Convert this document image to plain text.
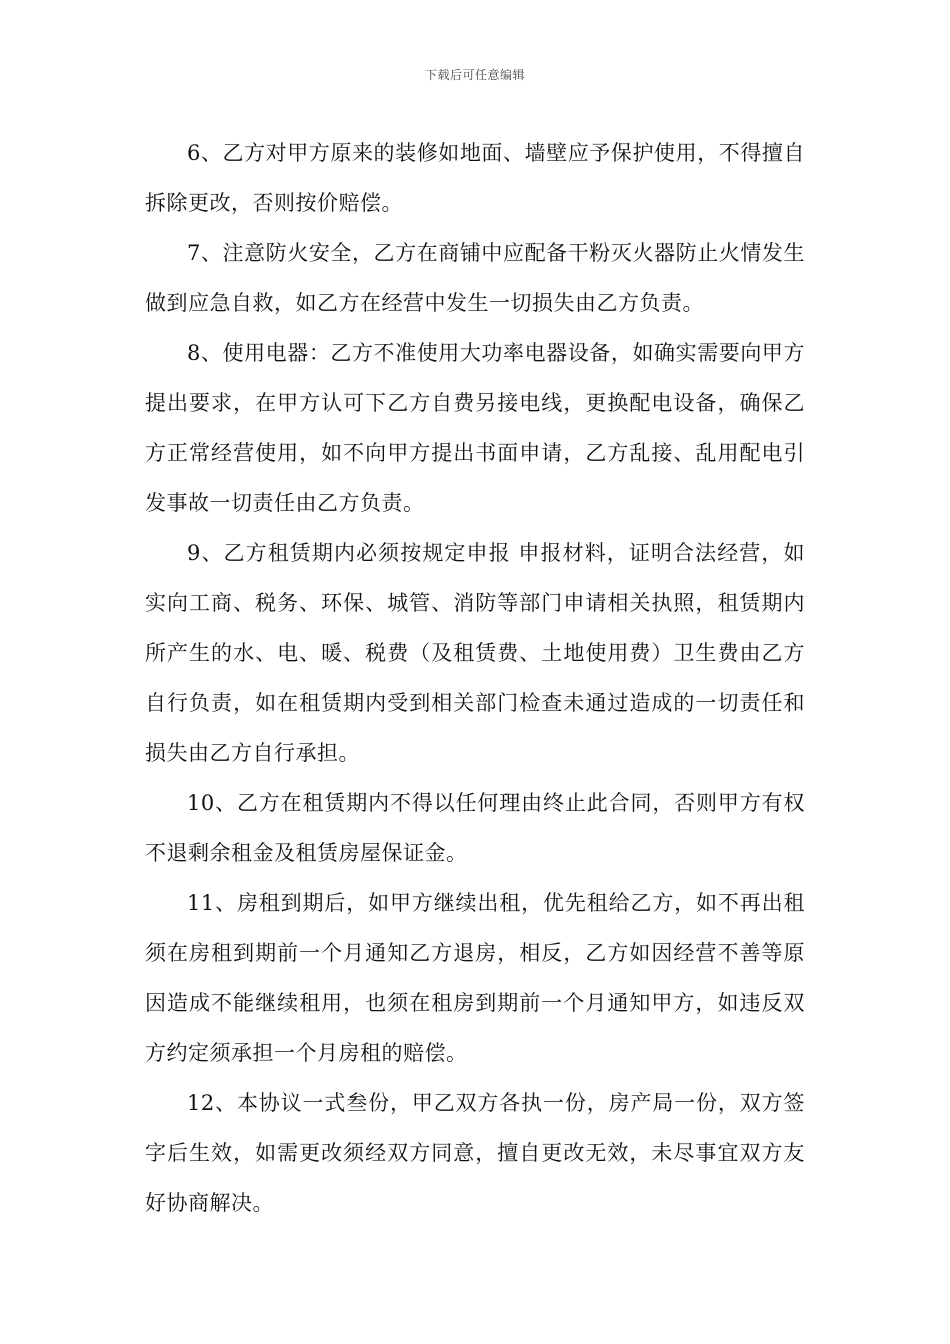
下载后可任意编辑

6、乙方对甲方原来的装修如地面、墙壁应予保护使用，不得擅自拆除更改，否则按价赔偿。

7、注意防火安全，乙方在商铺中应配备干粉灭火器防止火情发生做到应急自救，如乙方在经营中发生一切损失由乙方负责。

8、使用电器：乙方不准使用大功率电器设备，如确实需要向甲方提出要求，在甲方认可下乙方自费另接电线，更换配电设备，确保乙方正常经营使用，如不向甲方提出书面申请，乙方乱接、乱用配电引发事故一切责任由乙方负责。

9、乙方租赁期内必须按规定申报 申报材料，证明合法经营，如实向工商、税务、环保、城管、消防等部门申请相关执照，租赁期内所产生的水、电、暖、税费（及租赁费、土地使用费）卫生费由乙方自行负责，如在租赁期内受到相关部门检查未通过造成的一切责任和损失由乙方自行承担。

10、乙方在租赁期内不得以任何理由终止此合同，否则甲方有权不退剩余租金及租赁房屋保证金。

11、房租到期后，如甲方继续出租，优先租给乙方，如不再出租须在房租到期前一个月通知乙方退房，相反，乙方如因经营不善等原因造成不能继续租用，也须在租房到期前一个月通知甲方，如违反双方约定须承担一个月房租的赔偿。

12、本协议一式叁份，甲乙双方各执一份，房产局一份，双方签字后生效，如需更改须经双方同意，擅自更改无效，未尽事宜双方友好协商解决。
